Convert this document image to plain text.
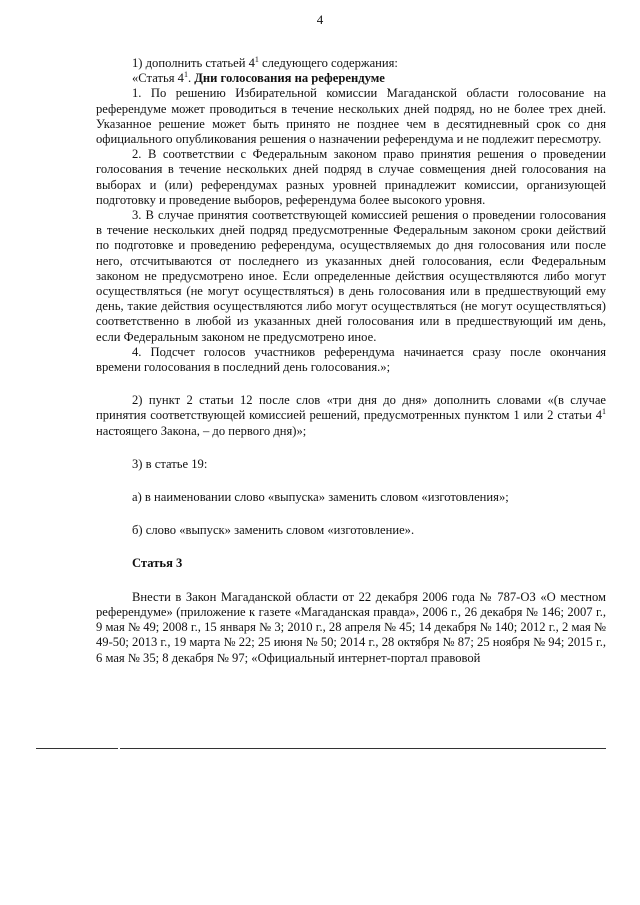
4

1) дополнить статьей $4^1$ следующего содержания:

«Статья $4^1$. Дни голосования на референдуме

1. По решению Избирательной комиссии Магаданской области голосование на референдуме может проводиться в течение нескольких дней подряд, но не более трех дней. Указанное решение может быть принято не позднее чем в десятидневный срок со дня официального опубликования решения о назначении референдума и не подлежит пересмотру.

2. В соответствии с Федеральным законом право принятия решения о проведении голосования в течение нескольких дней подряд в случае совмещения дней голосования на выборах и (или) референдумах разных уровней принадлежит комиссии, организующей подготовку и проведение выборов, референдума более высокого уровня.

3. В случае принятия соответствующей комиссией решения о проведении голосования в течение нескольких дней подряд предусмотренные Федеральным законом сроки действий по подготовке и проведению референдума, осуществляемых до дня голосования или после него, отсчитываются от последнего из указанных дней голосования, если Федеральным законом не предусмотрено иное. Если определенные действия осуществляются либо могут осуществляться (не могут осуществляться) в день голосования или в предшествующий ему день, такие действия осуществляются либо могут осуществляться (не могут осуществляться) соответственно в любой из указанных дней голосования или в предшествующий им день, если Федеральным законом не предусмотрено иное.

4. Подсчет голосов участников референдума начинается сразу после окончания времени голосования в последний день голосования.»;

2) пункт 2 статьи 12 после слов «три дня до дня» дополнить словами «(в случае принятия соответствующей комиссией решений, предусмотренных пунктом 1 или 2 статьи $4^1$ настоящего Закона, – до первого дня)»;

3) в статье 19:

а) в наименовании слово «выпуска» заменить словом «изготовления»;

б) слово «выпуск» заменить словом «изготовление».

Статья 3

Внести в Закон Магаданской области от 22 декабря 2006 года № 787-ОЗ «О местном референдуме» (приложение к газете «Магаданская правда», 2006 г., 26 декабря № 146; 2007 г., 9 мая № 49; 2008 г., 15 января № 3; 2010 г., 28 апреля № 45; 14 декабря № 140; 2012 г., 2 мая № 49-50; 2013 г., 19 марта № 22; 25 июня № 50; 2014 г., 28 октября № 87; 25 ноября № 94; 2015 г., 6 мая № 35; 8 декабря № 97; «Официальный интернет-портал правовой
